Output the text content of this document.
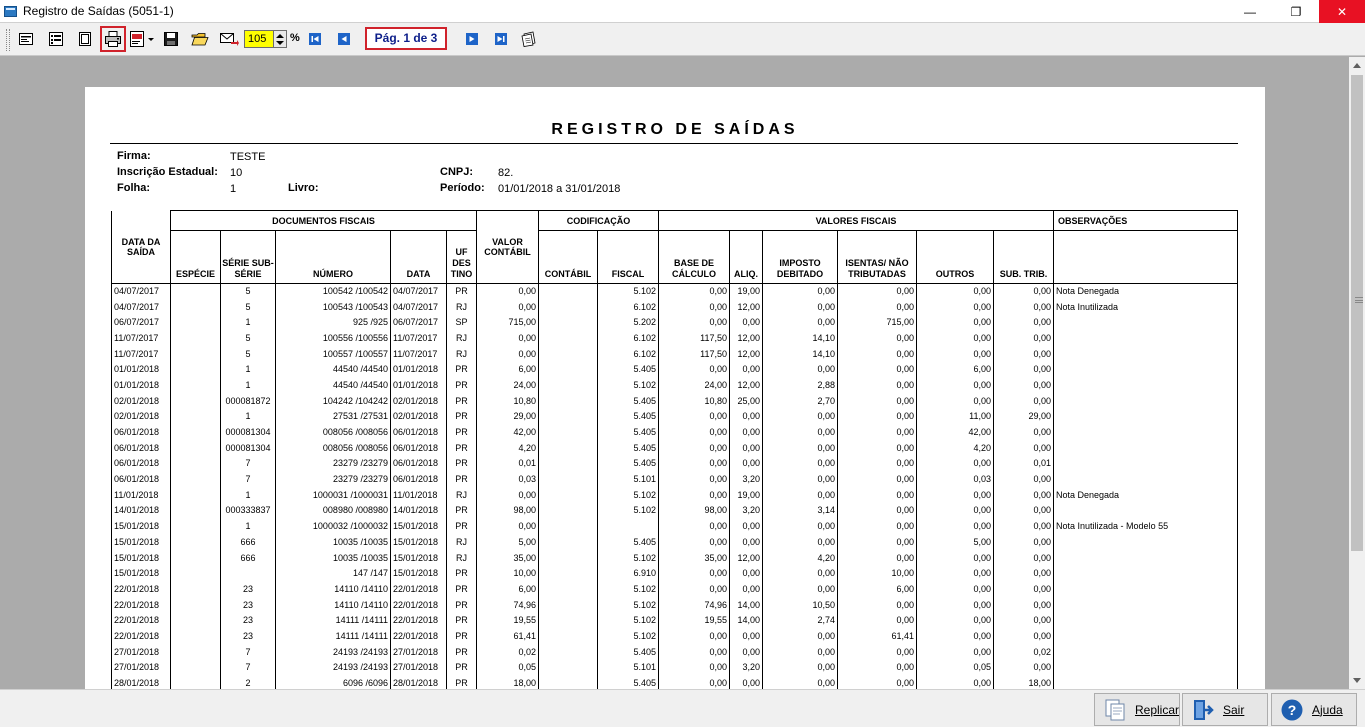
Registro de Saídas (5051-1)	—	❐	✕
105	%	Pág. 1 de 3
REGISTRO DE SAÍDAS
Firma:	TESTE
Inscrição Estadual: 10
Folha:	1	Livro:
CNPJ: 82.
Período: 01/01/2018 a 31/01/2018
DATA DA SAÍDA	DOCUMENTOS FISCAIS					VALOR CONTÁBIL	CODIFICAÇÃO		VALORES FISCAIS						OBSERVAÇÕES
	ESPÉCIE	SÉRIE SUB-SÉRIE	NÚMERO	DATA	UF DES TINO		CONTÁBIL	FISCAL	BASE DE CÁLCULO	ALIQ.	IMPOSTO DEBITADO	ISENTAS/ NÃO TRIBUTADAS	OUTROS	SUB. TRIB.	
04/07/2017		5	100542 /100542	04/07/2017	PR	0,00		5.102	0,00	19,00	0,00	0,00	0,00	0,00	Nota Denegada
04/07/2017		5	100543 /100543	04/07/2017	RJ	0,00		6.102	0,00	12,00	0,00	0,00	0,00	0,00	Nota Inutilizada
06/07/2017		1	925 /925	06/07/2017	SP	715,00		5.202	0,00	0,00	0,00	715,00	0,00	0,00	
11/07/2017		5	100556 /100556	11/07/2017	RJ	0,00		6.102	117,50	12,00	14,10	0,00	0,00	0,00	
11/07/2017		5	100557 /100557	11/07/2017	RJ	0,00		6.102	117,50	12,00	14,10	0,00	0,00	0,00	
01/01/2018		1	44540 /44540	01/01/2018	PR	6,00		5.405	0,00	0,00	0,00	0,00	6,00	0,00	
01/01/2018		1	44540 /44540	01/01/2018	PR	24,00		5.102	24,00	12,00	2,88	0,00	0,00	0,00	
02/01/2018		000081872	104242 /104242	02/01/2018	PR	10,80		5.405	10,80	25,00	2,70	0,00	0,00	0,00	
02/01/2018		1	27531 /27531	02/01/2018	PR	29,00		5.405	0,00	0,00	0,00	0,00	11,00	29,00	
06/01/2018		000081304	008056 /008056	06/01/2018	PR	42,00		5.405	0,00	0,00	0,00	0,00	42,00	0,00	
06/01/2018		000081304	008056 /008056	06/01/2018	PR	4,20		5.405	0,00	0,00	0,00	0,00	4,20	0,00	
06/01/2018		7	23279 /23279	06/01/2018	PR	0,01		5.405	0,00	0,00	0,00	0,00	0,00	0,01	
06/01/2018		7	23279 /23279	06/01/2018	PR	0,03		5.101	0,00	3,20	0,00	0,00	0,03	0,00	
11/01/2018		1	1000031 /1000031	11/01/2018	RJ	0,00		5.102	0,00	19,00	0,00	0,00	0,00	0,00	Nota Denegada
14/01/2018		000333837	008980 /008980	14/01/2018	PR	98,00		5.102	98,00	3,20	3,14	0,00	0,00	0,00	
15/01/2018		1	1000032 /1000032	15/01/2018	PR	0,00			0,00	0,00	0,00	0,00	0,00	0,00	Nota Inutilizada - Modelo 55
15/01/2018		666	10035 /10035	15/01/2018	RJ	5,00		5.405	0,00	0,00	0,00	0,00	5,00	0,00	
15/01/2018		666	10035 /10035	15/01/2018	RJ	35,00		5.102	35,00	12,00	4,20	0,00	0,00	0,00	
15/01/2018			147 /147	15/01/2018	PR	10,00		6.910	0,00	0,00	0,00	10,00	0,00	0,00	
22/01/2018		23	14110 /14110	22/01/2018	PR	6,00		5.102	0,00	0,00	0,00	6,00	0,00	0,00	
22/01/2018		23	14110 /14110	22/01/2018	PR	74,96		5.102	74,96	14,00	10,50	0,00	0,00	0,00	
22/01/2018		23	14111 /14111	22/01/2018	PR	19,55		5.102	19,55	14,00	2,74	0,00	0,00	0,00	
22/01/2018		23	14111 /14111	22/01/2018	PR	61,41		5.102	0,00	0,00	0,00	61,41	0,00	0,00	
27/01/2018		7	24193 /24193	27/01/2018	PR	0,02		5.405	0,00	0,00	0,00	0,00	0,00	0,02	
27/01/2018		7	24193 /24193	27/01/2018	PR	0,05		5.101	0,00	3,20	0,00	0,00	0,05	0,00	
28/01/2018		2	6096 /6096	28/01/2018	PR	18,00		5.405	0,00	0,00	0,00	0,00	0,00	18,00	
Replicar	Sair	? Ajuda
